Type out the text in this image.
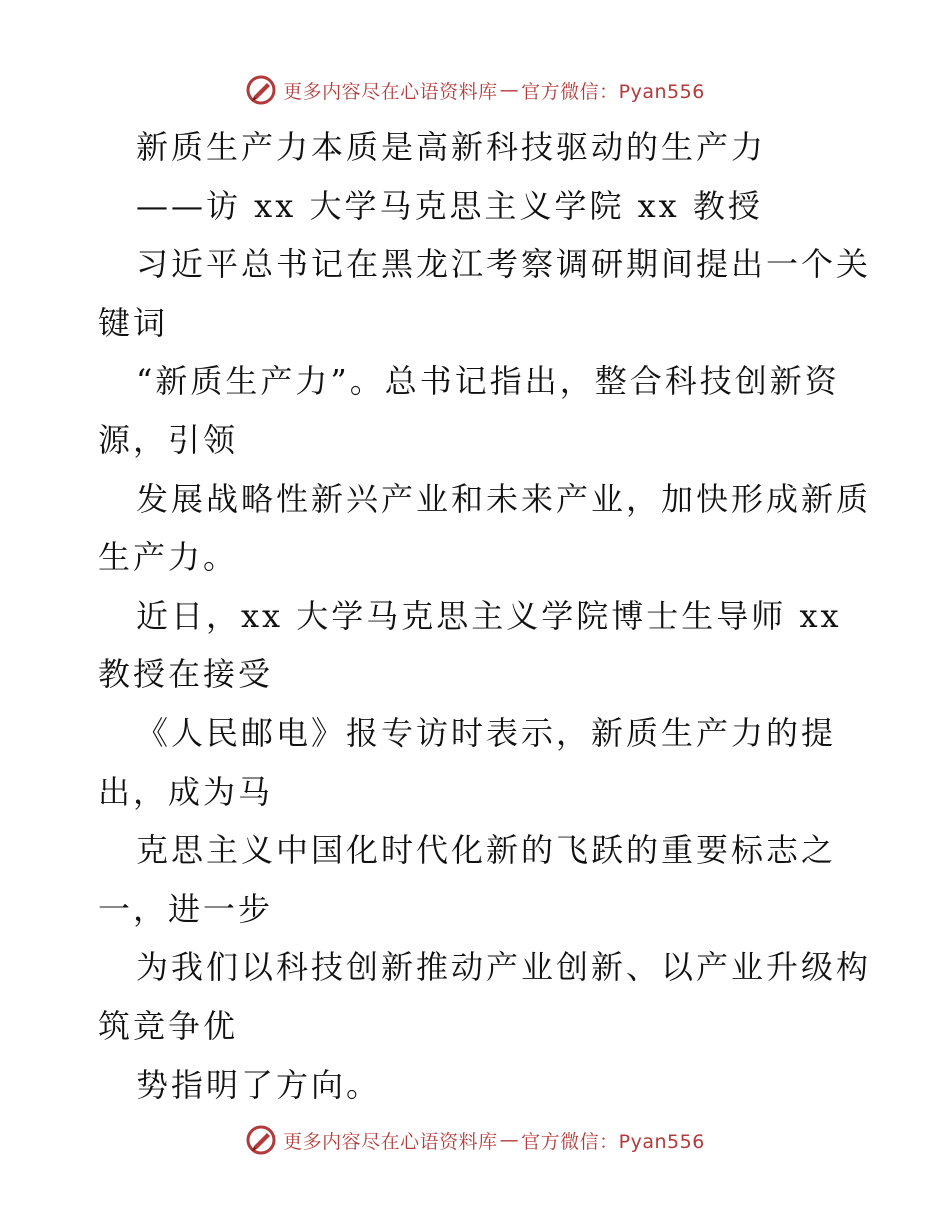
更多内容尽在心语资料库 — 官方微信：Pyan556
新质生产力本质是高新科技驱动的生产力
——访 xx 大学马克思主义学院 xx 教授
习近平总书记在黑龙江考察调研期间提出一个关
键词
“新质生产力”。总书记指出，整合科技创新资
源，引领
发展战略性新兴产业和未来产业，加快形成新质
生产力。
近日，xx 大学马克思主义学院博士生导师 xx
教授在接受
《人民邮电》报专访时表示，新质生产力的提
出，成为马
克思主义中国化时代化新的飞跃的重要标志之
一，进一步
为我们以科技创新推动产业创新、以产业升级构
筑竞争优
势指明了方向。
更多内容尽在心语资料库 — 官方微信：Pyan556
